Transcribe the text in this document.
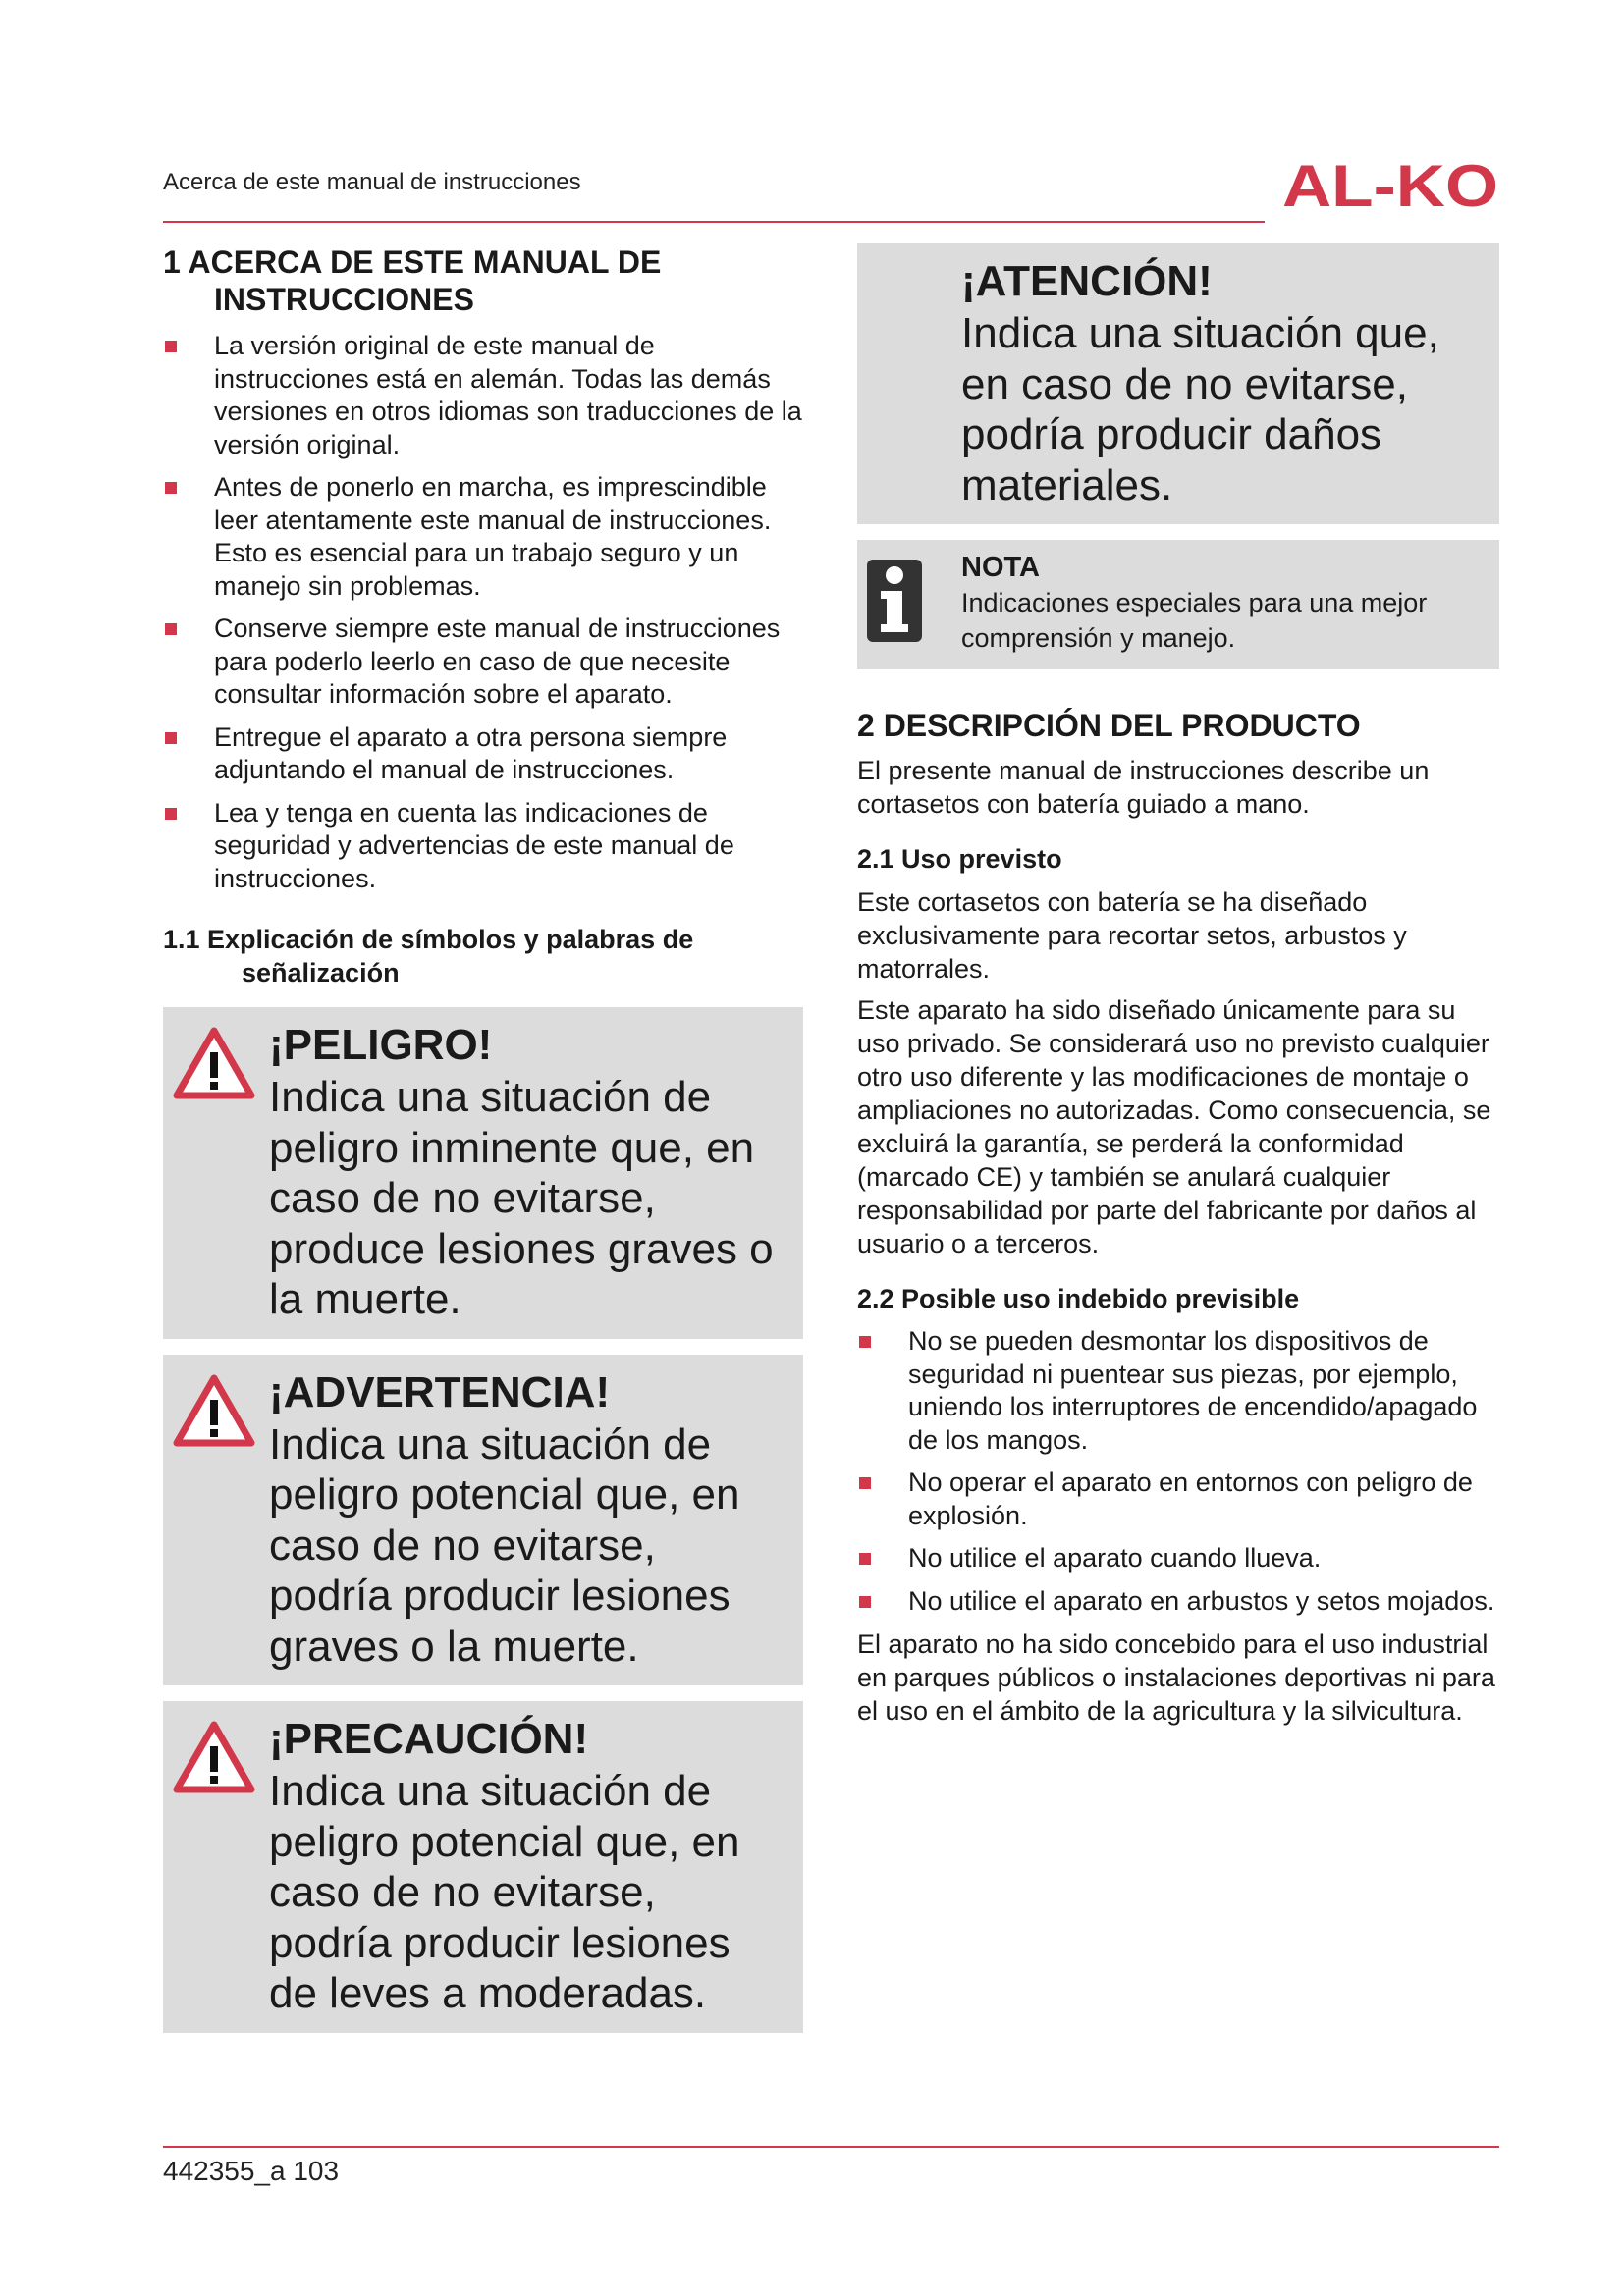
Acerca de este manual de instrucciones	AL-KO
1 ACERCA DE ESTE MANUAL DE INSTRUCCIONES
La versión original de este manual de instrucciones está en alemán. Todas las demás versiones en otros idiomas son traducciones de la versión original.
Antes de ponerlo en marcha, es imprescindible leer atentamente este manual de instrucciones. Esto es esencial para un trabajo seguro y un manejo sin problemas.
Conserve siempre este manual de instrucciones para poderlo leerlo en caso de que necesite consultar información sobre el aparato.
Entregue el aparato a otra persona siempre adjuntando el manual de instrucciones.
Lea y tenga en cuenta las indicaciones de seguridad y advertencias de este manual de instrucciones.
1.1 Explicación de símbolos y palabras de señalización
¡PELIGRO!
Indica una situación de peligro inminente que, en caso de no evitarse, produce lesiones graves o la muerte.
¡ADVERTENCIA!
Indica una situación de peligro potencial que, en caso de no evitarse, podría producir lesiones graves o la muerte.
¡PRECAUCIÓN!
Indica una situación de peligro potencial que, en caso de no evitarse, podría producir lesiones de leves a moderadas.
¡ATENCIÓN!
Indica una situación que, en caso de no evitarse, podría producir daños materiales.
NOTA
Indicaciones especiales para una mejor comprensión y manejo.
2 DESCRIPCIÓN DEL PRODUCTO

El presente manual de instrucciones describe un cortasetos con batería guiado a mano.

2.1 Uso previsto

Este cortasetos con batería se ha diseñado exclusivamente para recortar setos, arbustos y matorrales.

Este aparato ha sido diseñado únicamente para su uso privado. Se considerará uso no previsto cualquier otro uso diferente y las modificaciones de montaje o ampliaciones no autorizadas. Como consecuencia, se excluirá la garantía, se perderá la conformidad (marcado CE) y también se anulará cualquier responsabilidad por parte del fabricante por daños al usuario o a terceros.

2.2 Posible uso indebido previsible
No se pueden desmontar los dispositivos de seguridad ni puentear sus piezas, por ejemplo, uniendo los interruptores de encendido/apagado de los mangos.
No operar el aparato en entornos con peligro de explosión.
No utilice el aparato cuando llueva.
No utilice el aparato en arbustos y setos mojados.

El aparato no ha sido concebido para el uso industrial en parques públicos o instalaciones deportivas ni para el uso en el ámbito de la agricultura y la silvicultura.

442355_a 103
